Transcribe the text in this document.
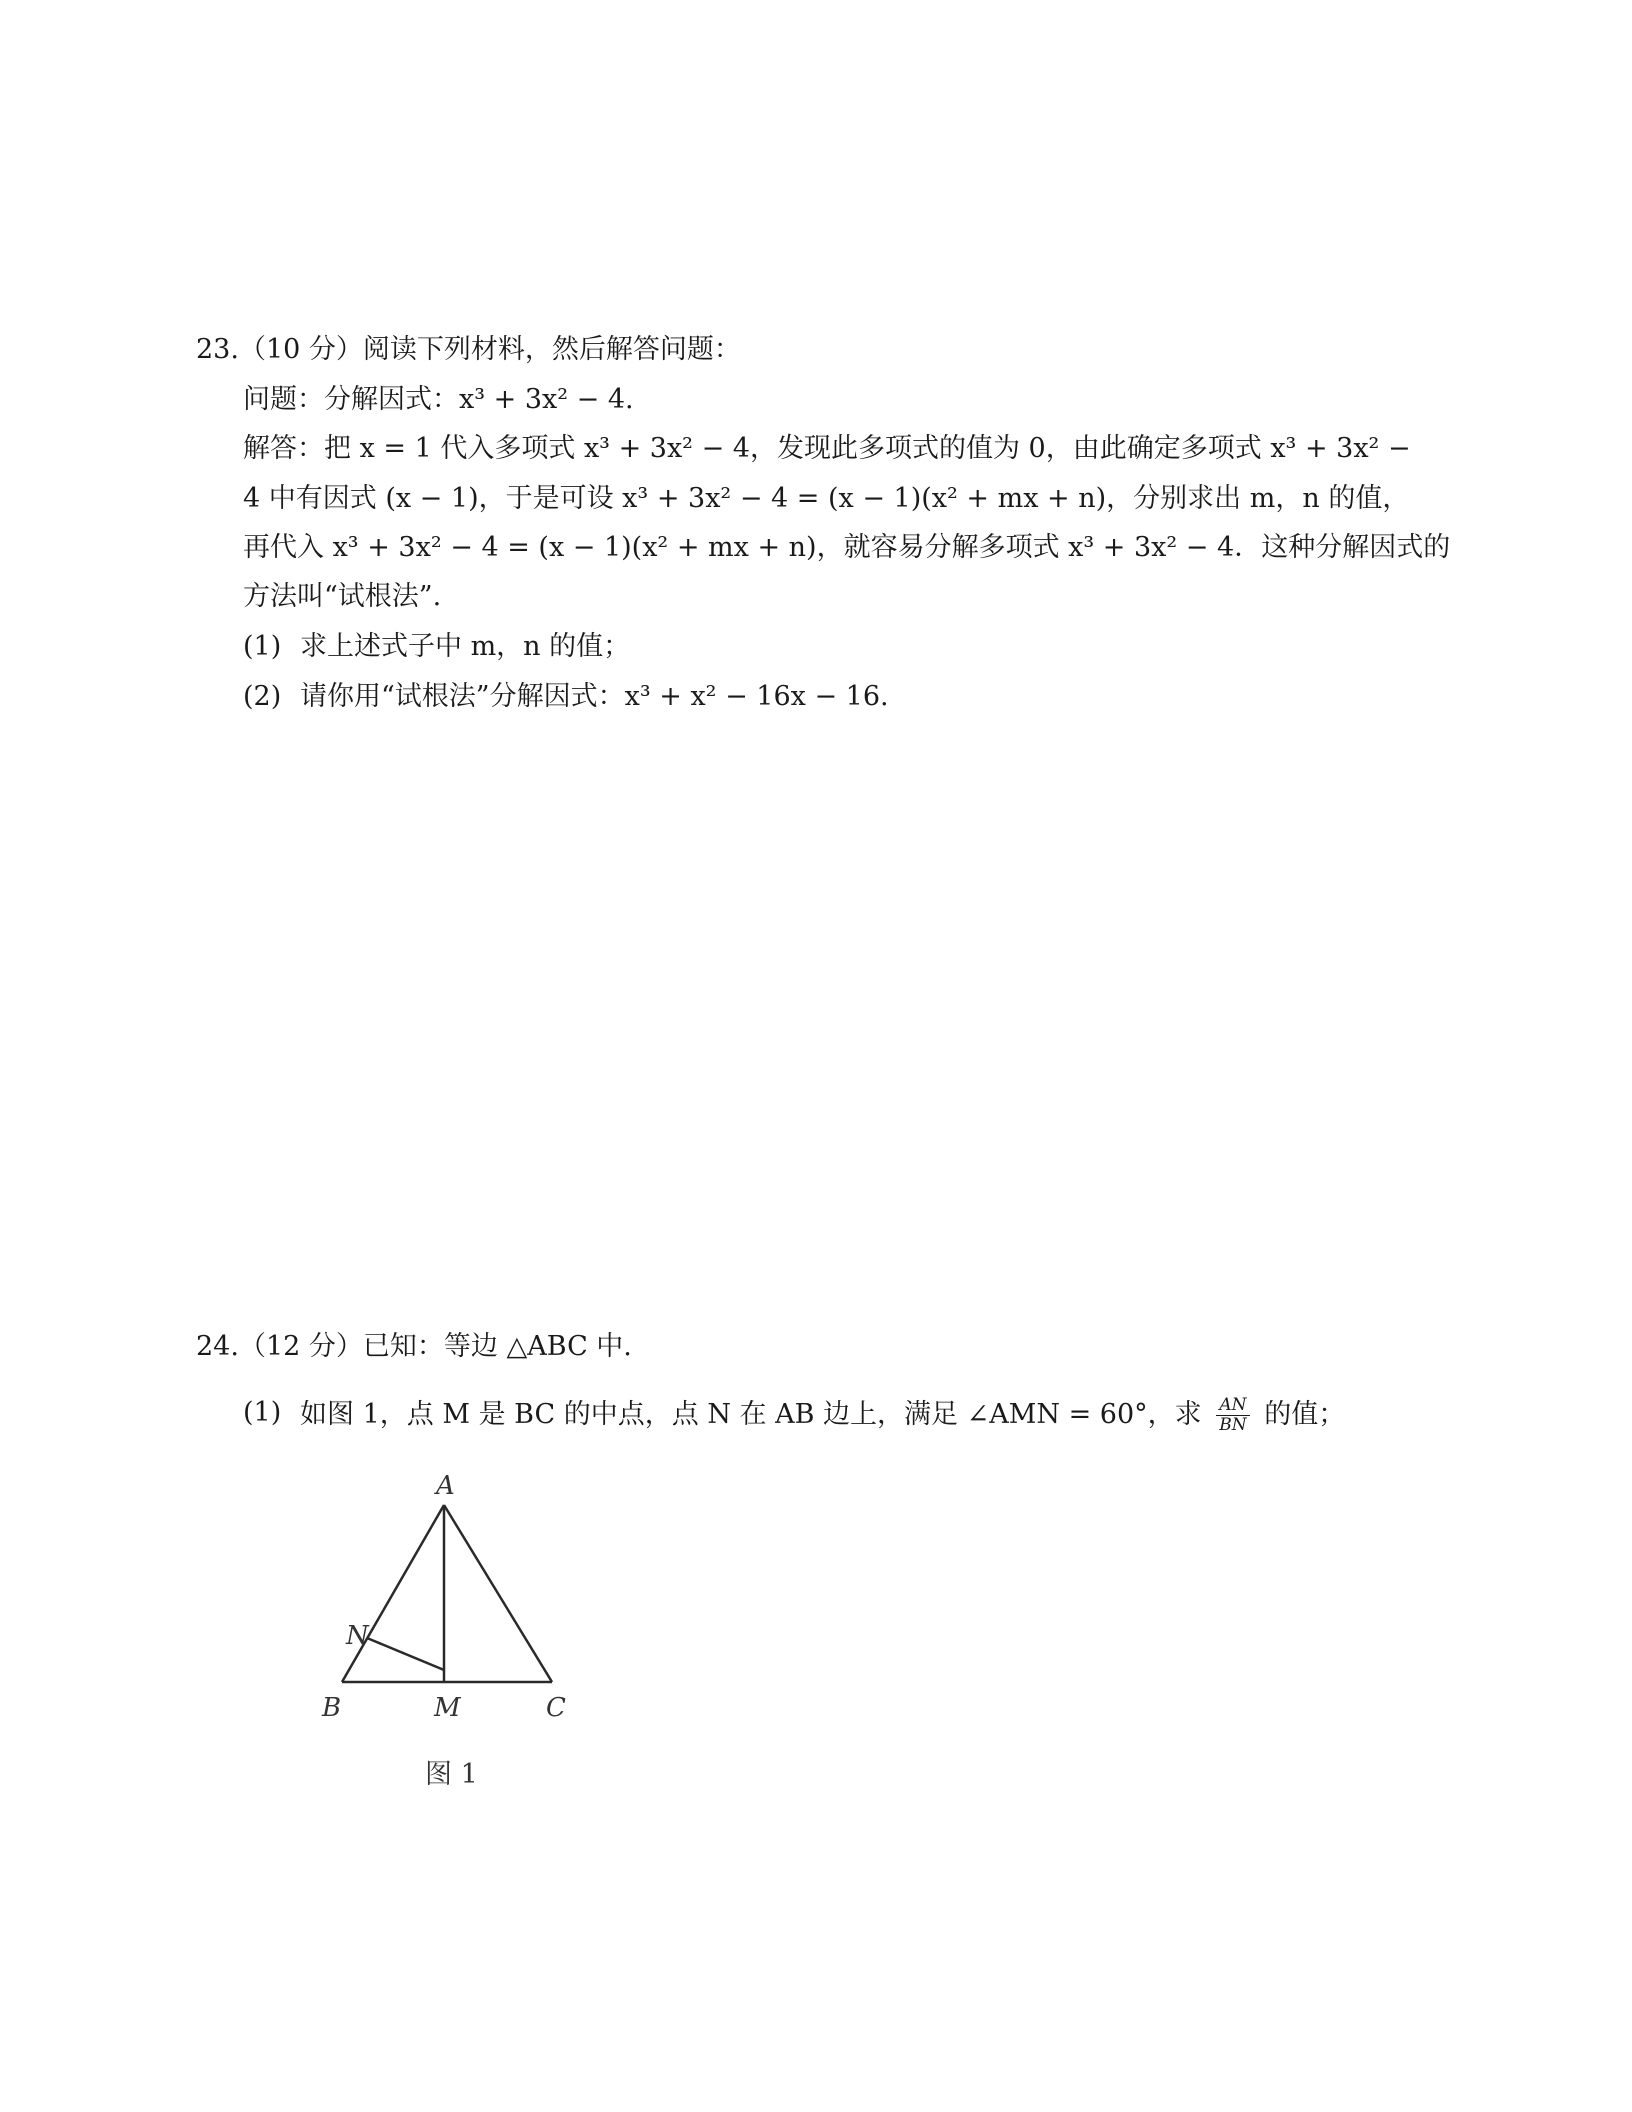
23.（10 分）阅读下列材料，然后解答问题：
问题：分解因式：x³ + 3x² − 4.
解答：把 x = 1 代入多项式 x³ + 3x² − 4，发现此多项式的值为 0，由此确定多项式 x³ + 3x² −
4 中有因式 (x − 1)，于是可设 x³ + 3x² − 4 = (x − 1)(x² + mx + n)，分别求出 m，n 的值，
再代入 x³ + 3x² − 4 = (x − 1)(x² + mx + n)，就容易分解多项式 x³ + 3x² − 4．这种分解因式的
方法叫“试根法”.
(1) 求上述式子中 m，n 的值；
(2) 请你用“试根法”分解因式：x³ + x² − 16x − 16.
24.（12 分）已知：等边 △ABC 中.
(1) 如图 1，点 M 是 BC 的中点，点 N 在 AB 边上，满足 ∠AMN = 60°，求 $\frac{AN}{BN}$ 的值；
A
N
B	M	C
图 1
